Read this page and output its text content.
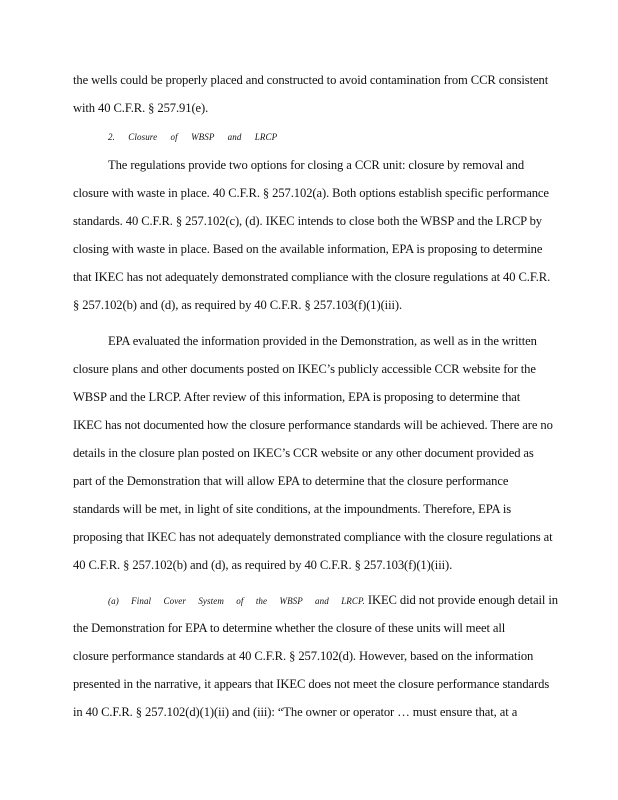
the wells could be properly placed and constructed to avoid contamination from CCR consistent
with 40 C.F.R. § 257.91(e).
2. Closure of WBSP and LRCP
The regulations provide two options for closing a CCR unit: closure by removal and
closure with waste in place. 40 C.F.R. § 257.102(a). Both options establish specific performance
standards. 40 C.F.R. § 257.102(c), (d). IKEC intends to close both the WBSP and the LRCP by
closing with waste in place. Based on the available information, EPA is proposing to determine
that IKEC has not adequately demonstrated compliance with the closure regulations at 40 C.F.R.
§ 257.102(b) and (d), as required by 40 C.F.R. § 257.103(f)(1)(iii).
EPA evaluated the information provided in the Demonstration, as well as in the written
closure plans and other documents posted on IKEC’s publicly accessible CCR website for the
WBSP and the LRCP. After review of this information, EPA is proposing to determine that
IKEC has not documented how the closure performance standards will be achieved. There are no
details in the closure plan posted on IKEC’s CCR website or any other document provided as
part of the Demonstration that will allow EPA to determine that the closure performance
standards will be met, in light of site conditions, at the impoundments. Therefore, EPA is
proposing that IKEC has not adequately demonstrated compliance with the closure regulations at
40 C.F.R. § 257.102(b) and (d), as required by 40 C.F.R. § 257.103(f)(1)(iii).
(a) Final Cover System of the WBSP and LRCP. IKEC did not provide enough detail in
the Demonstration for EPA to determine whether the closure of these units will meet all
closure performance standards at 40 C.F.R. § 257.102(d). However, based on the information
presented in the narrative, it appears that IKEC does not meet the closure performance standards
in 40 C.F.R. § 257.102(d)(1)(ii) and (iii): “The owner or operator … must ensure that, at a
